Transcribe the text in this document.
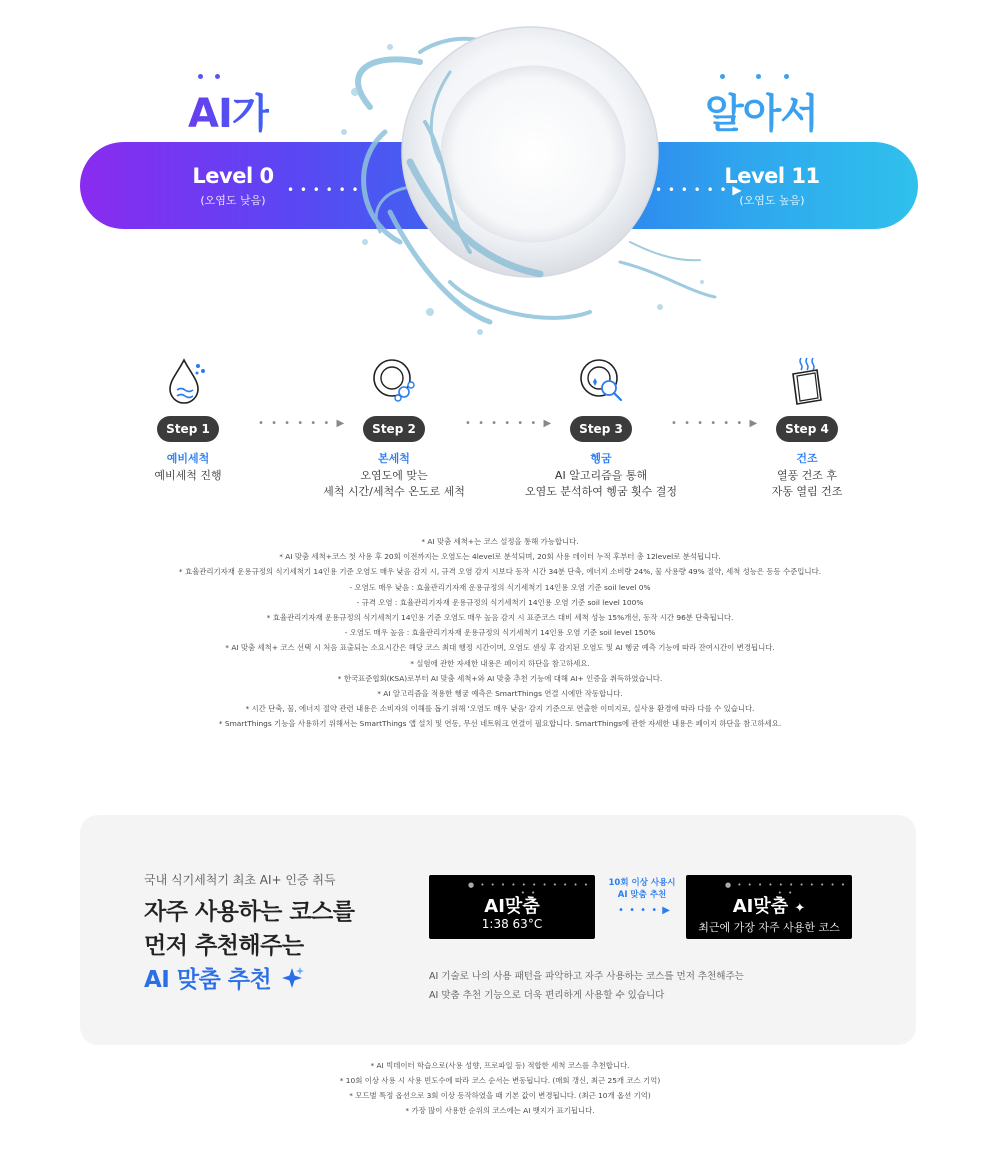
AI가	알아서
Level 0
(오염도 낮음)
• • • • • •	• • • • • • ▶
Level 11
(오염도 높음)
Step 1
예비세척
예비세척 진행
• • • • • • ▶	Step 2
본세척
오염도에 맞는
세척 시간/세척수 온도로 세척
• • • • • • ▶	Step 3
헹굼
AI 알고리즘을 통해
오염도 분석하여 헹굼 횟수 결정
• • • • • • ▶	Step 4
건조
열풍 건조 후
자동 열림 건조

* AI 맞춤 세척+는 코스 설정을 통해 가능합니다.

* AI 맞춤 세척+코스 첫 사용 후 20회 이전까지는 오염도는 4level로 분석되며, 20회 사용 데이터 누적 후부터 총 12level로 분석됩니다.

* 효율관리기자재 운용규정의 식기세척기 14인용 기준 오염도 매우 낮음 감지 시, 규격 오염 감지 시보다 동작 시간 34분 단축, 에너지 소비량 24%, 물 사용량 49% 절약, 세척 성능은 동등 수준입니다.

- 오염도 매우 낮음 : 효율관리기자재 운용규정의 식기세척기 14인용 오염 기준 soil level 0%

- 규격 오염 : 효율관리기자재 운용규정의 식기세척기 14인용 오염 기준 soil level 100%

* 효율관리기자재 운용규정의 식기세척기 14인용 기준 오염도 매우 높음 감지 시 표준코스 대비 세척 성능 15%개선, 동작 시간 96분 단축됩니다.

- 오염도 매우 높음 : 효율관리기자재 운용규정의 식기세척기 14인용 오염 기준 soil level 150%

* AI 맞춤 세척+ 코스 선택 시 처음 표출되는 소요시간은 해당 코스 최대 행정 시간이며, 오염도 센싱 후 감지된 오염도 및 AI 헹굼 예측 기능에 따라 잔여시간이 변경됩니다.

* 실험에 관한 자세한 내용은 페이지 하단을 참고하세요.

* 한국표준협회(KSA)로부터 AI 맞춤 세척+와 AI 맞춤 추천 기능에 대해 AI+ 인증을 취득하였습니다.

* AI 알고리즘을 적용한 헹굼 예측은 SmartThings 연결 시에만 작동합니다.

* 시간 단축, 물, 에너지 절약 관련 내용은 소비자의 이해를 돕기 위해 '오염도 매우 낮음' 감지 기준으로 연출한 이미지로, 실사용 환경에 따라 다를 수 있습니다.

* SmartThings 기능을 사용하기 위해서는 SmartThings 앱 설치 및 연동, 무선 네트워크 연결이 필요합니다. SmartThings에 관한 자세한 내용은 페이지 하단을 참고하세요.

국내 식기세척기 최초 AI+ 인증 취득
자주 사용하는 코스를
먼저 추천해주는
AI 맞춤 추천
● • • • • • • • • • • • • •
AI맞춤
1:38 63°C
10회 이상 사용시
AI 맞춤 추천
• • • • ▶
● • • • • • • • • • • • • •
AI맞춤 ✦
최근에 가장 자주 사용한 코스
AI 기술로 나의 사용 패턴을 파악하고 자주 사용하는 코스를 먼저 추천해주는
AI 맞춤 추천 기능으로 더욱 편리하게 사용할 수 있습니다

* AI 빅데이터 학습으로(사용 성향, 프로파일 등) 적합한 세척 코스를 추천합니다.

* 10회 이상 사용 시 사용 빈도수에 따라 코스 순서는 변동됩니다. (매회 갱신, 최근 25개 코스 기억)

* 모드별 특정 옵션으로 3회 이상 동작하였을 때 기본 값이 변경됩니다. (최근 10개 옵션 기억)

* 가장 많이 사용한 순위의 코스에는 AI 뱃지가 표기됩니다.
